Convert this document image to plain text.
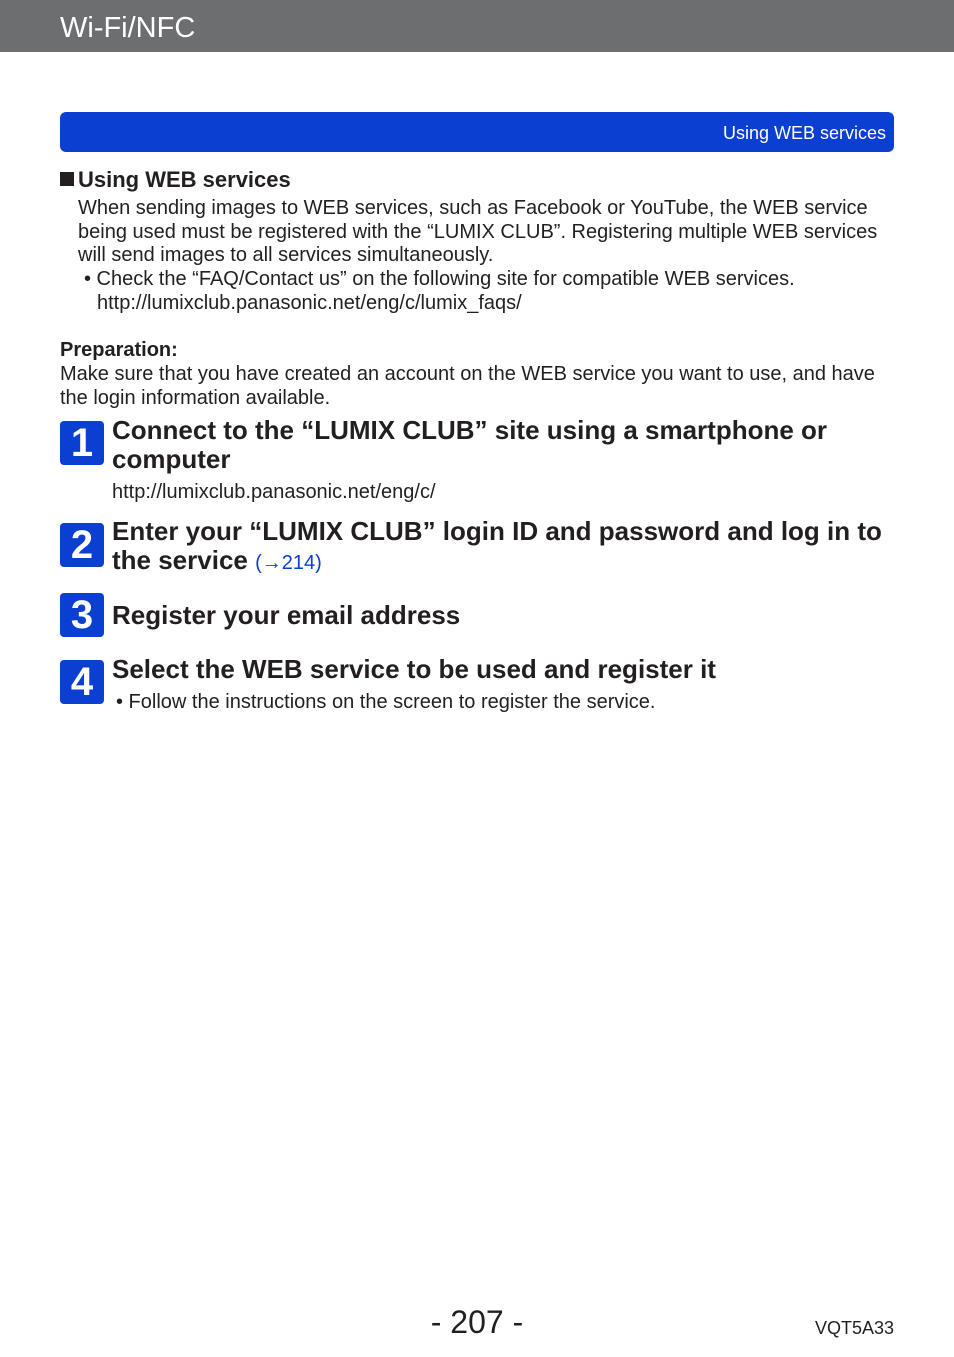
Wi-Fi/NFC
Using WEB services
Using WEB services
When sending images to WEB services, such as Facebook or YouTube, the WEB service being used must be registered with the “LUMIX CLUB”. Registering multiple WEB services will send images to all services simultaneously.
• Check the “FAQ/Contact us” on the following site for compatible WEB services.
http://lumixclub.panasonic.net/eng/c/lumix_faqs/
Preparation:
Make sure that you have created an account on the WEB service you want to use, and have the login information available.
1 Connect to the “LUMIX CLUB” site using a smartphone or computer
http://lumixclub.panasonic.net/eng/c/
2 Enter your “LUMIX CLUB” login ID and password and log in to the service (→214)
3 Register your email address
4 Select the WEB service to be used and register it
• Follow the instructions on the screen to register the service.
- 207 -	VQT5A33
